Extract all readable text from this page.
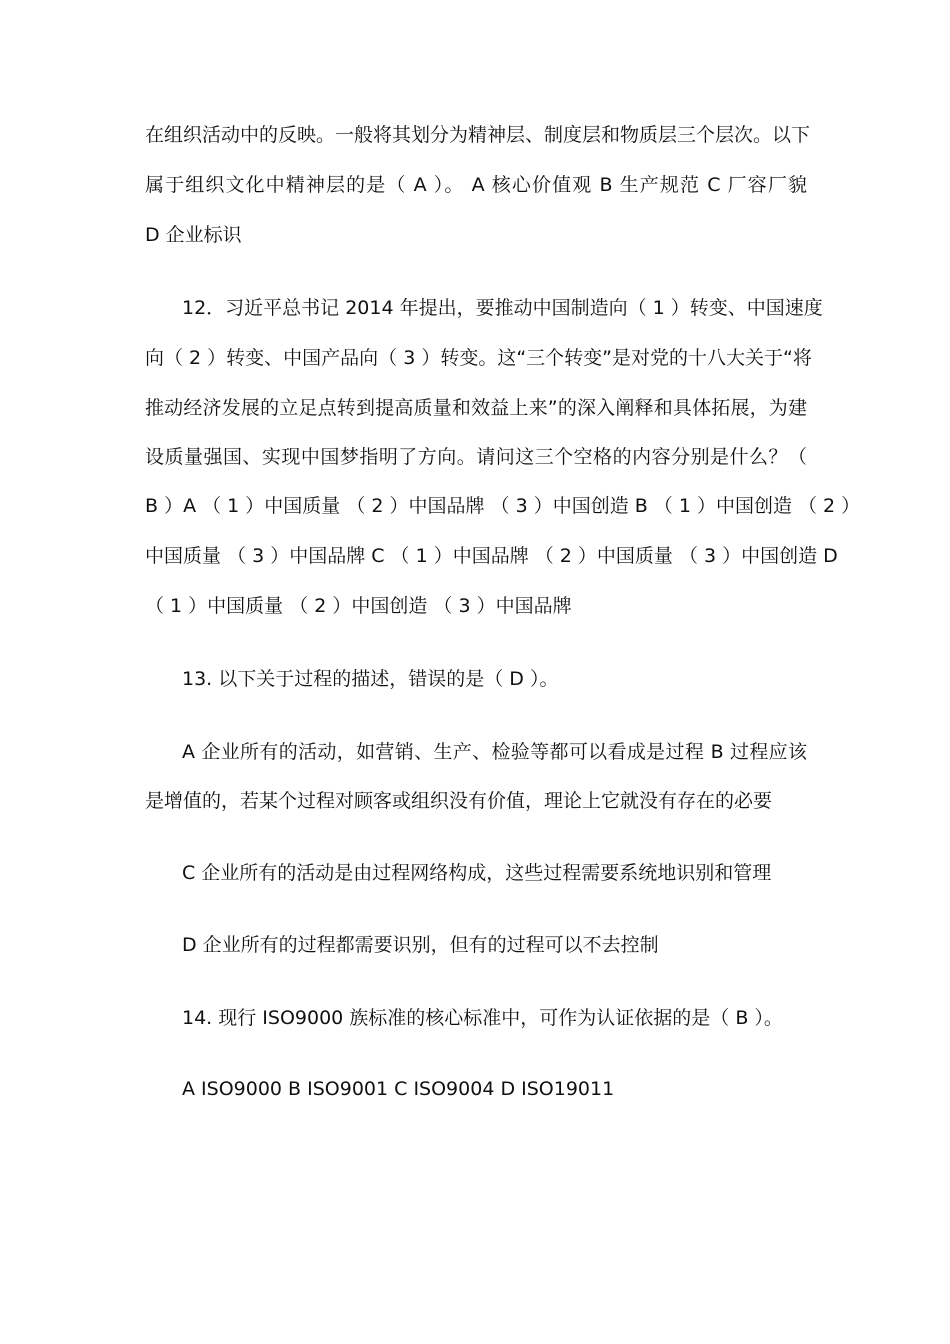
在组织活动中的反映。一般将其划分为精神层、制度层和物质层三个层次。以下
属于组织文化中精神层的是（ A ）。 A 核心价值观 B 生产规范 C 厂容厂貌
D 企业标识
12．习近平总书记 2014 年提出，要推动中国制造向（ 1 ）转变、中国速度
向（ 2 ）转变、中国产品向（ 3 ）转变。这“三个转变”是对党的十八大关于“将
推动经济发展的立足点转到提高质量和效益上来”的深入阐释和具体拓展，为建
设质量强国、实现中国梦指明了方向。请问这三个空格的内容分别是什么？（
B ）A （ 1 ）中国质量 （ 2 ）中国品牌 （ 3 ）中国创造 B （ 1 ）中国创造 （ 2 ）
中国质量 （ 3 ）中国品牌 C （ 1 ）中国品牌 （ 2 ）中国质量 （ 3 ）中国创造 D
（ 1 ）中国质量 （ 2 ）中国创造 （ 3 ）中国品牌
13. 以下关于过程的描述，错误的是（ D ）。
A 企业所有的活动，如营销、生产、检验等都可以看成是过程 B 过程应该
是增值的，若某个过程对顾客或组织没有价值，理论上它就没有存在的必要
C 企业所有的活动是由过程网络构成，这些过程需要系统地识别和管理
D 企业所有的过程都需要识别，但有的过程可以不去控制
14. 现行 ISO9000 族标准的核心标准中，可作为认证依据的是（ B ）。
A ISO9000 B ISO9001 C ISO9004 D ISO19011
